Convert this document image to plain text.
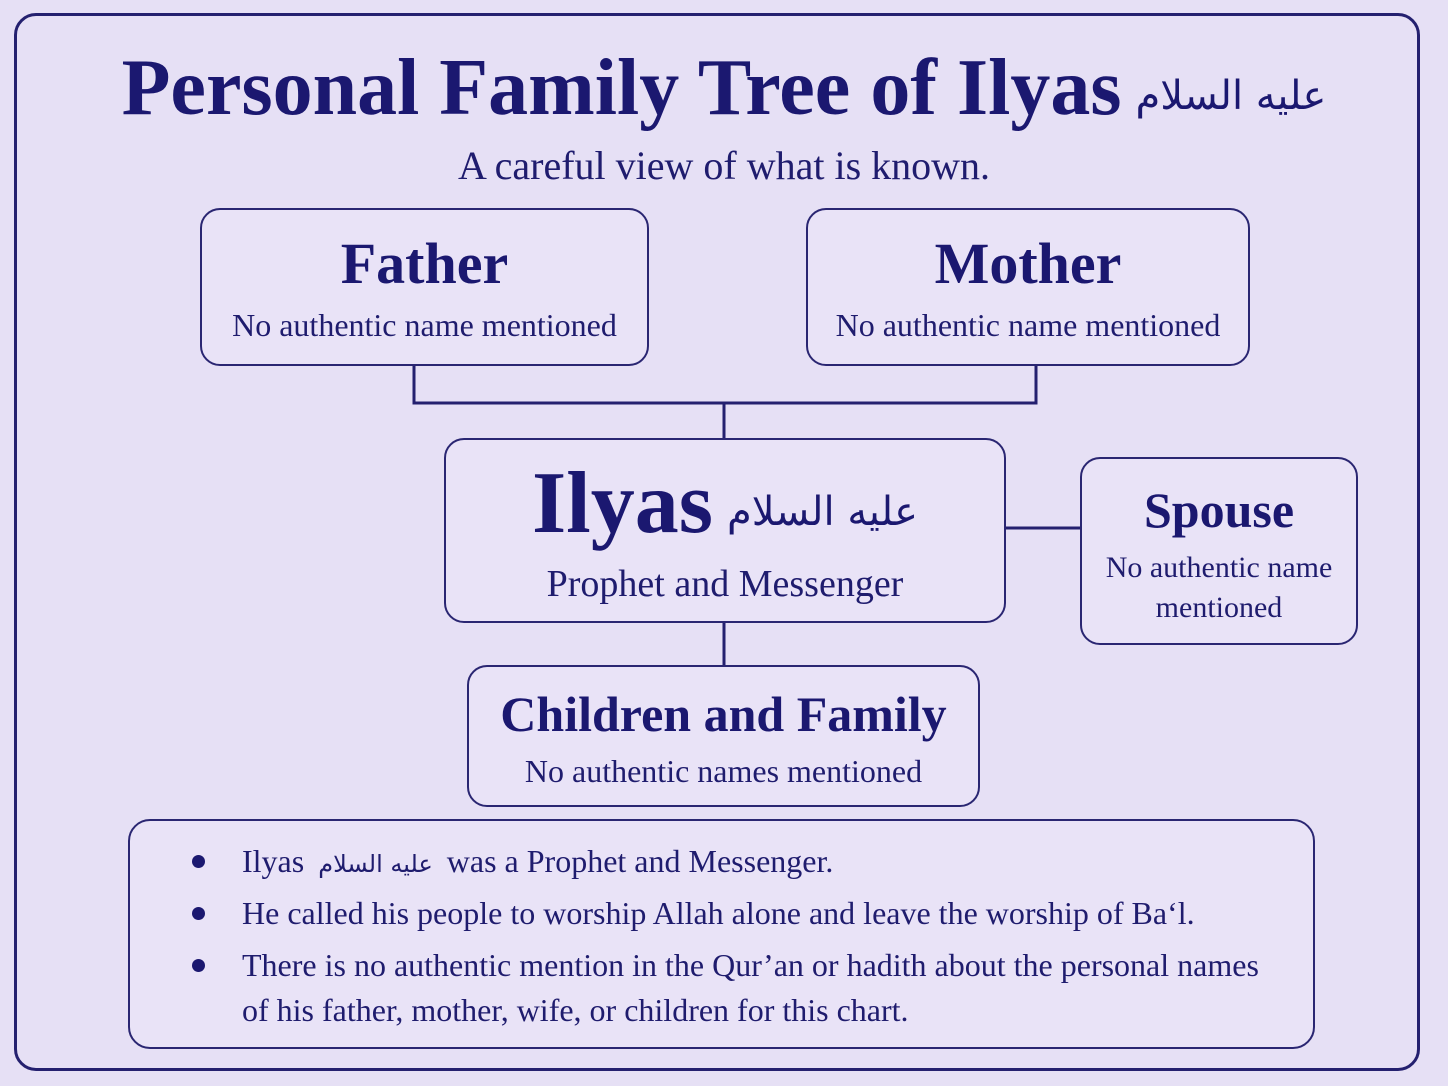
Personal Family Tree of Ilyas عليه السلام
A careful view of what is known.
Father
No authentic name mentioned
Mother
No authentic name mentioned
Ilyas عليه السلام
Prophet and Messenger
Spouse
No authentic name
mentioned
Children and Family
No authentic names mentioned
Ilyas عليه السلام was a Prophet and Messenger.
He called his people to worship Allah alone and leave the worship of Ba‘l.
There is no authentic mention in the Qur’an or hadith about the personal names of his father, mother, wife, or children for this chart.
